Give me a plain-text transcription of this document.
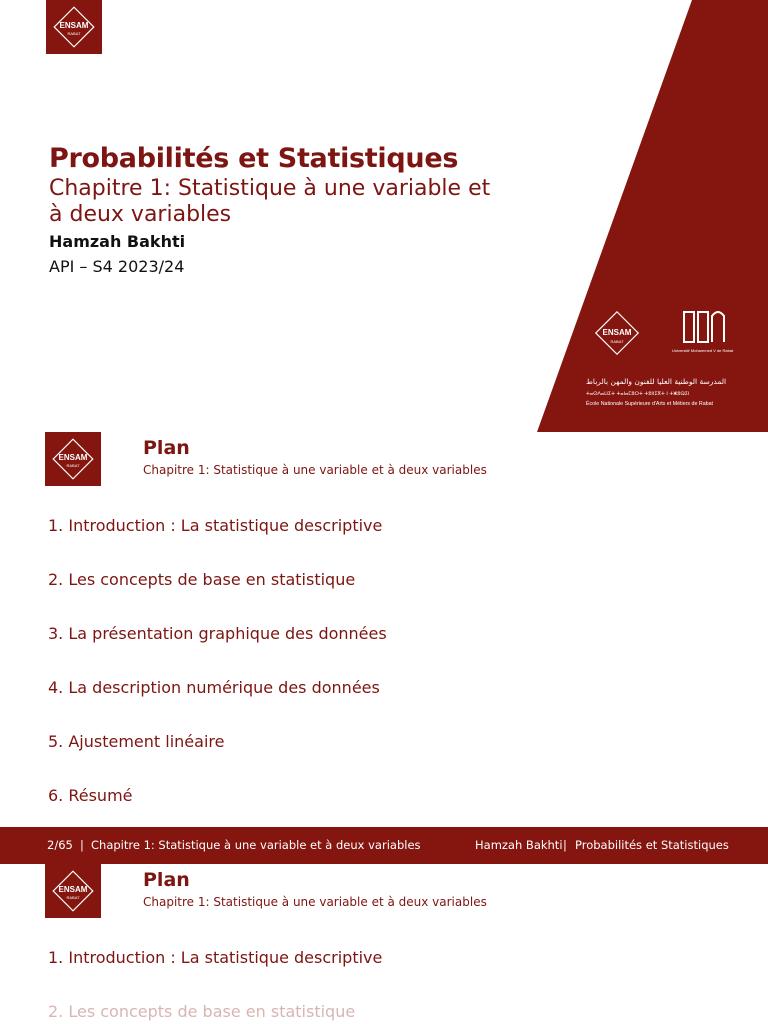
ENSAM
RABAT
Probabilités et Statistiques
Chapitre 1: Statistique à une variable et à deux variables
Hamzah Bakhti
API – S4 2023/24
ENSAM
RABAT
Université Mohammed V de Rabat
المدرسة الوطنية العليا للفنون والمهن بالرباط
ⵜⴰⵙⴷⴰⵡⵉⵜ ⵜⴰⵏⴰⵎⵓⵔⵜ ⵜⵓⵏⵏⵉⴳⵜ ⵏ ⵜⵥⵓⵕⵉⵏ
École Nationale Supérieure d'Arts et Métiers de Rabat
ENSAM
RABAT
Plan
Chapitre 1: Statistique à une variable et à deux variables
1. Introduction : La statistique descriptive
2. Les concepts de base en statistique
3. La présentation graphique des données
4. La description numérique des données
5. Ajustement linéaire
6. Résumé
2/65 | Chapitre 1: Statistique à une variable et à deux variables	Hamzah Bakhti | Probabilités et Statistiques
ENSAM
RABAT
Plan
Chapitre 1: Statistique à une variable et à deux variables
1. Introduction : La statistique descriptive
2. Les concepts de base en statistique
